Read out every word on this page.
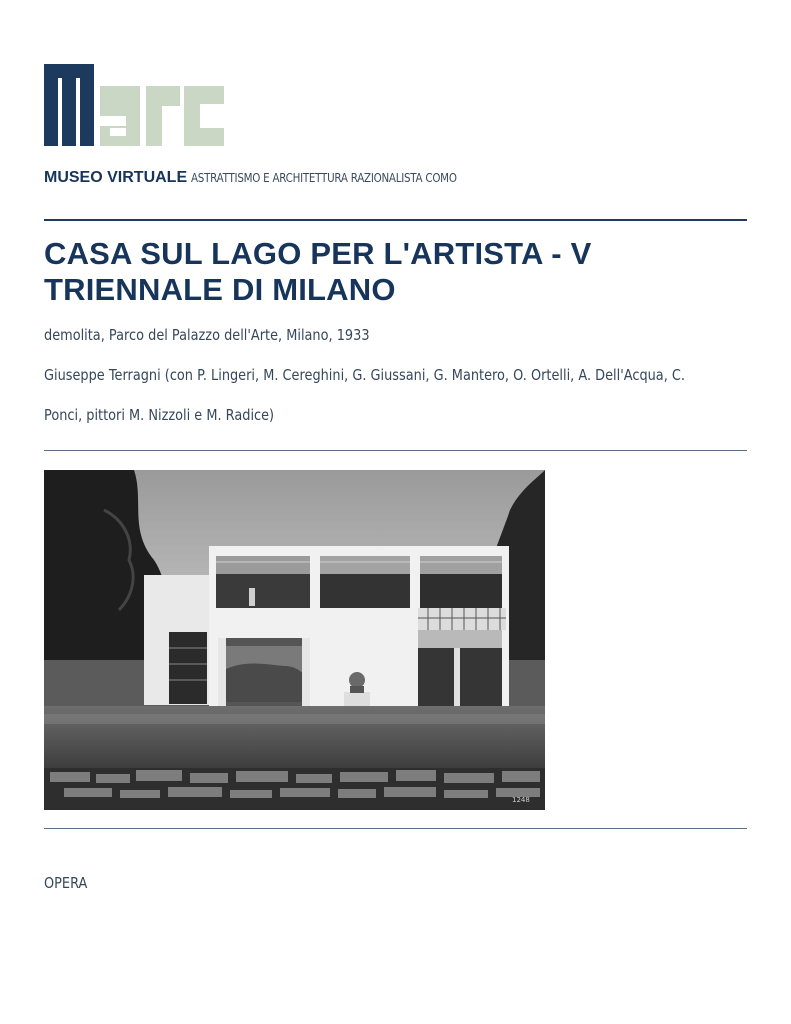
MUSEO VIRTUALE ASTRATTISMO E ARCHITETTURA RAZIONALISTA COMO
CASA SUL LAGO PER L'ARTISTA - V TRIENNALE DI MILANO

demolita, Parco del Palazzo dell'Arte, Milano, 1933

Giuseppe Terragni (con P. Lingeri, M. Cereghini, G. Giussani, G. Mantero, O. Ortelli, A. Dell'Acqua, C.

Ponci, pittori M. Nizzoli e M. Radice)

1248

OPERA
